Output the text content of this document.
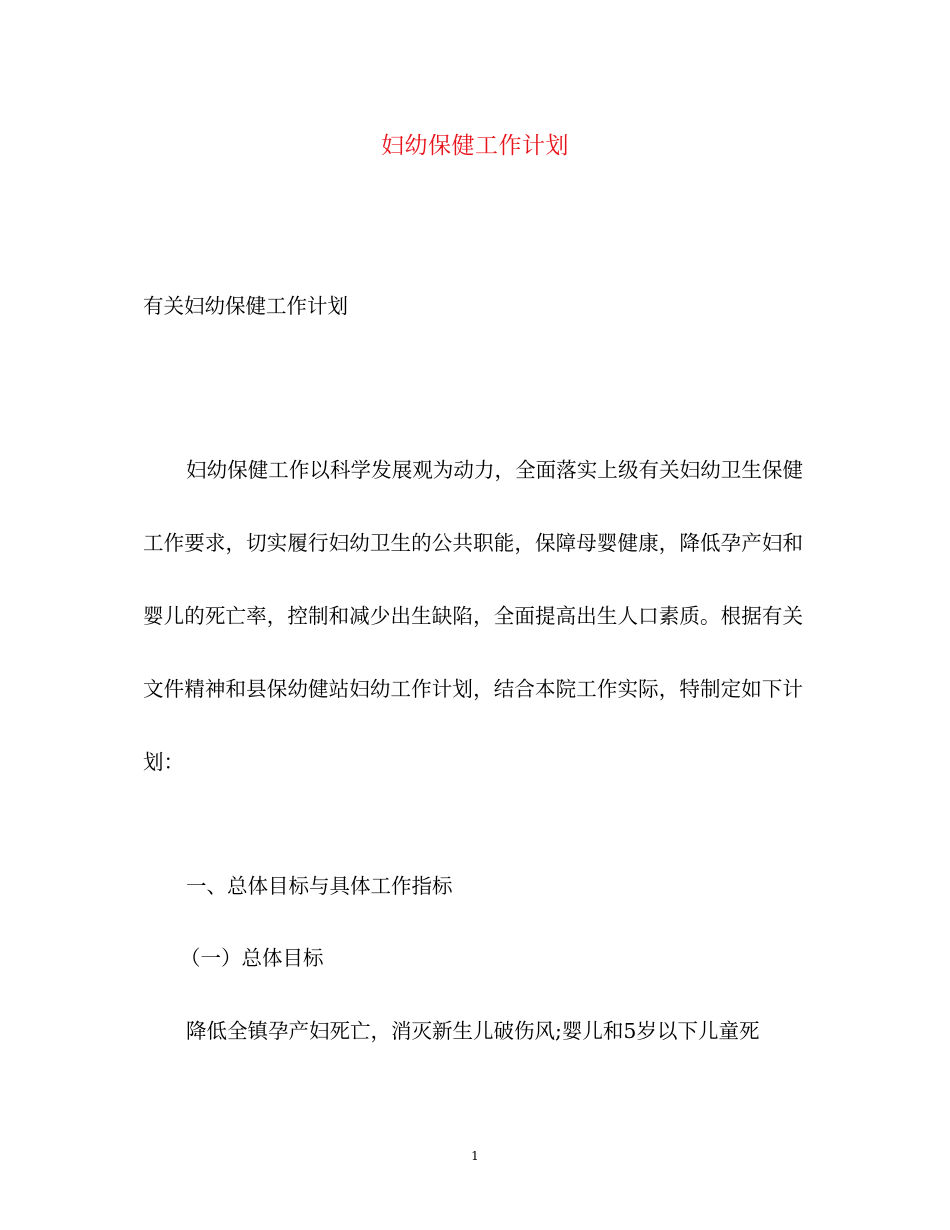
妇幼保健工作计划
有关妇幼保健工作计划
妇幼保健工作以科学发展观为动力，全面落实上级有关妇幼卫生保健工作要求，切实履行妇幼卫生的公共职能，保障母婴健康，降低孕产妇和婴儿的死亡率，控制和减少出生缺陷，全面提高出生人口素质。根据有关文件精神和县保幼健站妇幼工作计划，结合本院工作实际，特制定如下计划：
一、总体目标与具体工作指标
（一）总体目标
降低全镇孕产妇死亡，消灭新生儿破伤风;婴儿和5岁以下儿童死
1
